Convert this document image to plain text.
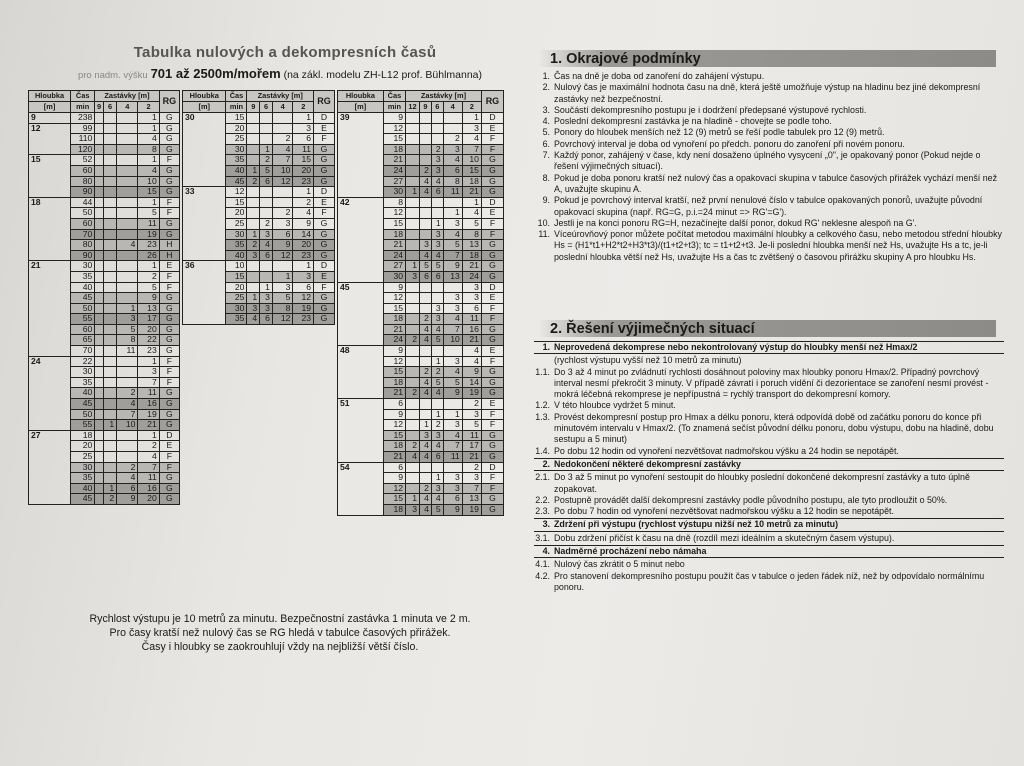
Tabulka nulových a dekompresních časů
pro nadm. výšku 701 až 2500m/mořem (na zákl. modelu ZH-L12 prof. Bühlmanna)
Hloubka	Čas	Zastávky [m]				RG
[m]	min	9	6	4	2	
9	238				1	G
12	99				1	G
	110				4	G
	120				8	G
15	52				1	F
	60				4	G
	80				10	G
	90				15	G
18	44				1	F
	50				5	F
	60				11	G
	70				19	G
	80			4	23	H
	90				26	H
21	30				1	E
	35				2	F
	40				5	F
	45				9	G
	50			1	13	G
	55			3	17	G
	60			5	20	G
	65			8	22	G
	70			11	23	G
24	22				1	F
	30				3	F
	35				7	F
	40			2	11	G
	45			4	16	G
	50			7	19	G
	55		1	10	21	G
27	18				1	D
	20				2	E
	25				4	F
	30			2	7	F
	35			4	11	G
	40		1	6	16	G
	45		2	9	20	G
Hloubka	Čas	Zastávky [m]				RG
[m]	min	9	6	4	2	
30	15				1	D
	20				3	E
	25			2	6	F
	30		1	4	11	G
	35		2	7	15	G
	40	1	5	10	20	G
	45	2	6	12	23	G
33	12				1	D
	15				2	E
	20			2	4	F
	25		2	3	9	G
	30	1	3	6	14	G
	35	2	4	9	20	G
	40	3	6	12	23	G
36	10				1	D
	15			1	3	E
	20		1	3	6	F
	25	1	3	5	12	G
	30	3	3	8	19	G
	35	4	6	12	23	G
Hloubka	Čas	Zastávky [m]					RG
[m]	min	12	9	6	4	2	
39	9					1	D
	12					3	E
	15				2	4	F
	18			2	3	7	F
	21			3	4	10	G
	24		2	3	6	15	G
	27		4	4	8	18	G
	30	1	4	6	11	21	G
42	8					1	D
	12				1	4	E
	15			1	3	5	F
	18			3	4	8	F
	21		3	3	5	13	G
	24		4	4	7	18	G
	27	1	5	5	9	21	G
	30	3	6	6	13	24	G
45	9					3	D
	12				3	3	E
	15			3	3	6	F
	18		2	3	4	11	F
	21		4	4	7	16	G
	24	2	4	5	10	21	G
48	9					4	E
	12			1	3	4	F
	15		2	2	4	9	G
	18		4	5	5	14	G
	21	2	4	4	9	19	G
51	6					2	E
	9			1	1	3	F
	12		1	2	3	5	F
	15		3	3	4	11	G
	18	2	4	4	7	17	G
	21	4	4	6	11	21	G
54	6					2	D
	9			1	3	3	F
	12		2	3	3	7	F
	15	1	4	4	6	13	G
	18	3	4	5	9	19	G
Rychlost výstupu je 10 metrů za minutu. Bezpečnostní zastávka 1 minuta ve 2 m.
Pro časy kratší než nulový čas se RG hledá v tabulce časových přirážek.
Časy i hloubky se zaokrouhlují vždy na nejbližší větší číslo.
1. Okrajové podmínky
1. Čas na dně je doba od zanoření do zahájení výstupu.
2. Nulový čas je maximální hodnota času na dně, která ještě umožňuje výstup na hladinu bez jiné dekompresní zastávky než bezpečnostní.
3. Součástí dekompresního postupu je i dodržení předepsané výstupové rychlosti.
4. Poslední dekompresní zastávka je na hladině - chovejte se podle toho.
5. Ponory do hloubek menších než 12 (9) metrů se řeší podle tabulek pro 12 (9) metrů.
6. Povrchový interval je doba od vynoření po předch. ponoru do zanoření při novém ponoru.
7. Každý ponor, zahájený v čase, kdy není dosaženo úplného vysycení „0", je opakovaný ponor (Pokud nejde o řešení výjimečných situací).
8. Pokud je doba ponoru kratší než nulový čas a opakovací skupina v tabulce časových přirážek vychází menší než A, uvažujte skupinu A.
9. Pokud je povrchový interval kratší, než první nenulové číslo v tabulce opakovaných ponorů, uvažujte původní opakovací skupina (např. RG=G, p.i.=24 minut => RG'=G').
10. Jestli je na konci ponoru RG=H, nezačínejte další ponor, dokud RG' neklesne alespoň na G'.
11. Víceúrovňový ponor můžete počítat metodou maximální hloubky a celkového času, nebo metodou střední hloubky Hs = (H1*t1+H2*t2+H3*t3)/(t1+t2+t3); tc = t1+t2+t3. Je-li poslední hloubka menší než Hs, uvažujte Hs a tc, je-li poslední hloubka větší než Hs, uvažujte Hs a čas tc zvětšený o časovou přirážku skupiny A pro hloubku Hs.
2. Řešení výjimečných situací
1. Neprovedená dekomprese nebo nekontrolovaný výstup do hloubky menší než Hmax/2
(rychlost výstupu vyšší než 10 metrů za minutu)
1.1. Do 3 až 4 minut po zvládnutí rychlosti dosáhnout poloviny max hloubky ponoru Hmax/2. Případný povrchový interval nesmí překročit 3 minuty. V případě závratí i poruch vidění či dezorientace se zanoření nesmí provést - mokrá léčebná rekomprese je nepřípustná = rychlý transport do dekompresní komory.
1.2. V této hloubce vydržet 5 minut.
1.3. Provést dekompresní postup pro Hmax a délku ponoru, která odpovídá době od začátku ponoru do konce při minutovém intervalu v Hmax/2. (To znamená sečíst původní délku ponoru, dobu výstupu, dobu na hladině, dobu sestupu a 5 minut)
1.4. Po dobu 12 hodin od vynoření nezvětšovat nadmořskou výšku a 24 hodin se nepotápět.
2. Nedokončení některé dekompresní zastávky
2.1. Do 3 až 5 minut po vynoření sestoupit do hloubky poslední dokončené dekompresní zastávky a tuto úplně zopakovat.
2.2. Postupně provádět další dekompresní zastávky podle původního postupu, ale tyto prodloužit o 50%.
2.3. Po dobu 7 hodin od vynoření nezvětšovat nadmořskou výšku a 12 hodin se nepotápět.
3. Zdržení při výstupu (rychlost výstupu nižší než 10 metrů za minutu)
3.1. Dobu zdržení přičíst k času na dně (rozdíl mezi ideálním a skutečným časem výstupu).
4. Nadměrné procházení nebo námaha
4.1. Nulový čas zkrátit o 5 minut nebo
4.2. Pro stanovení dekompresního postupu použít čas v tabulce o jeden řádek níž, než by odpovídalo normálnímu ponoru.
